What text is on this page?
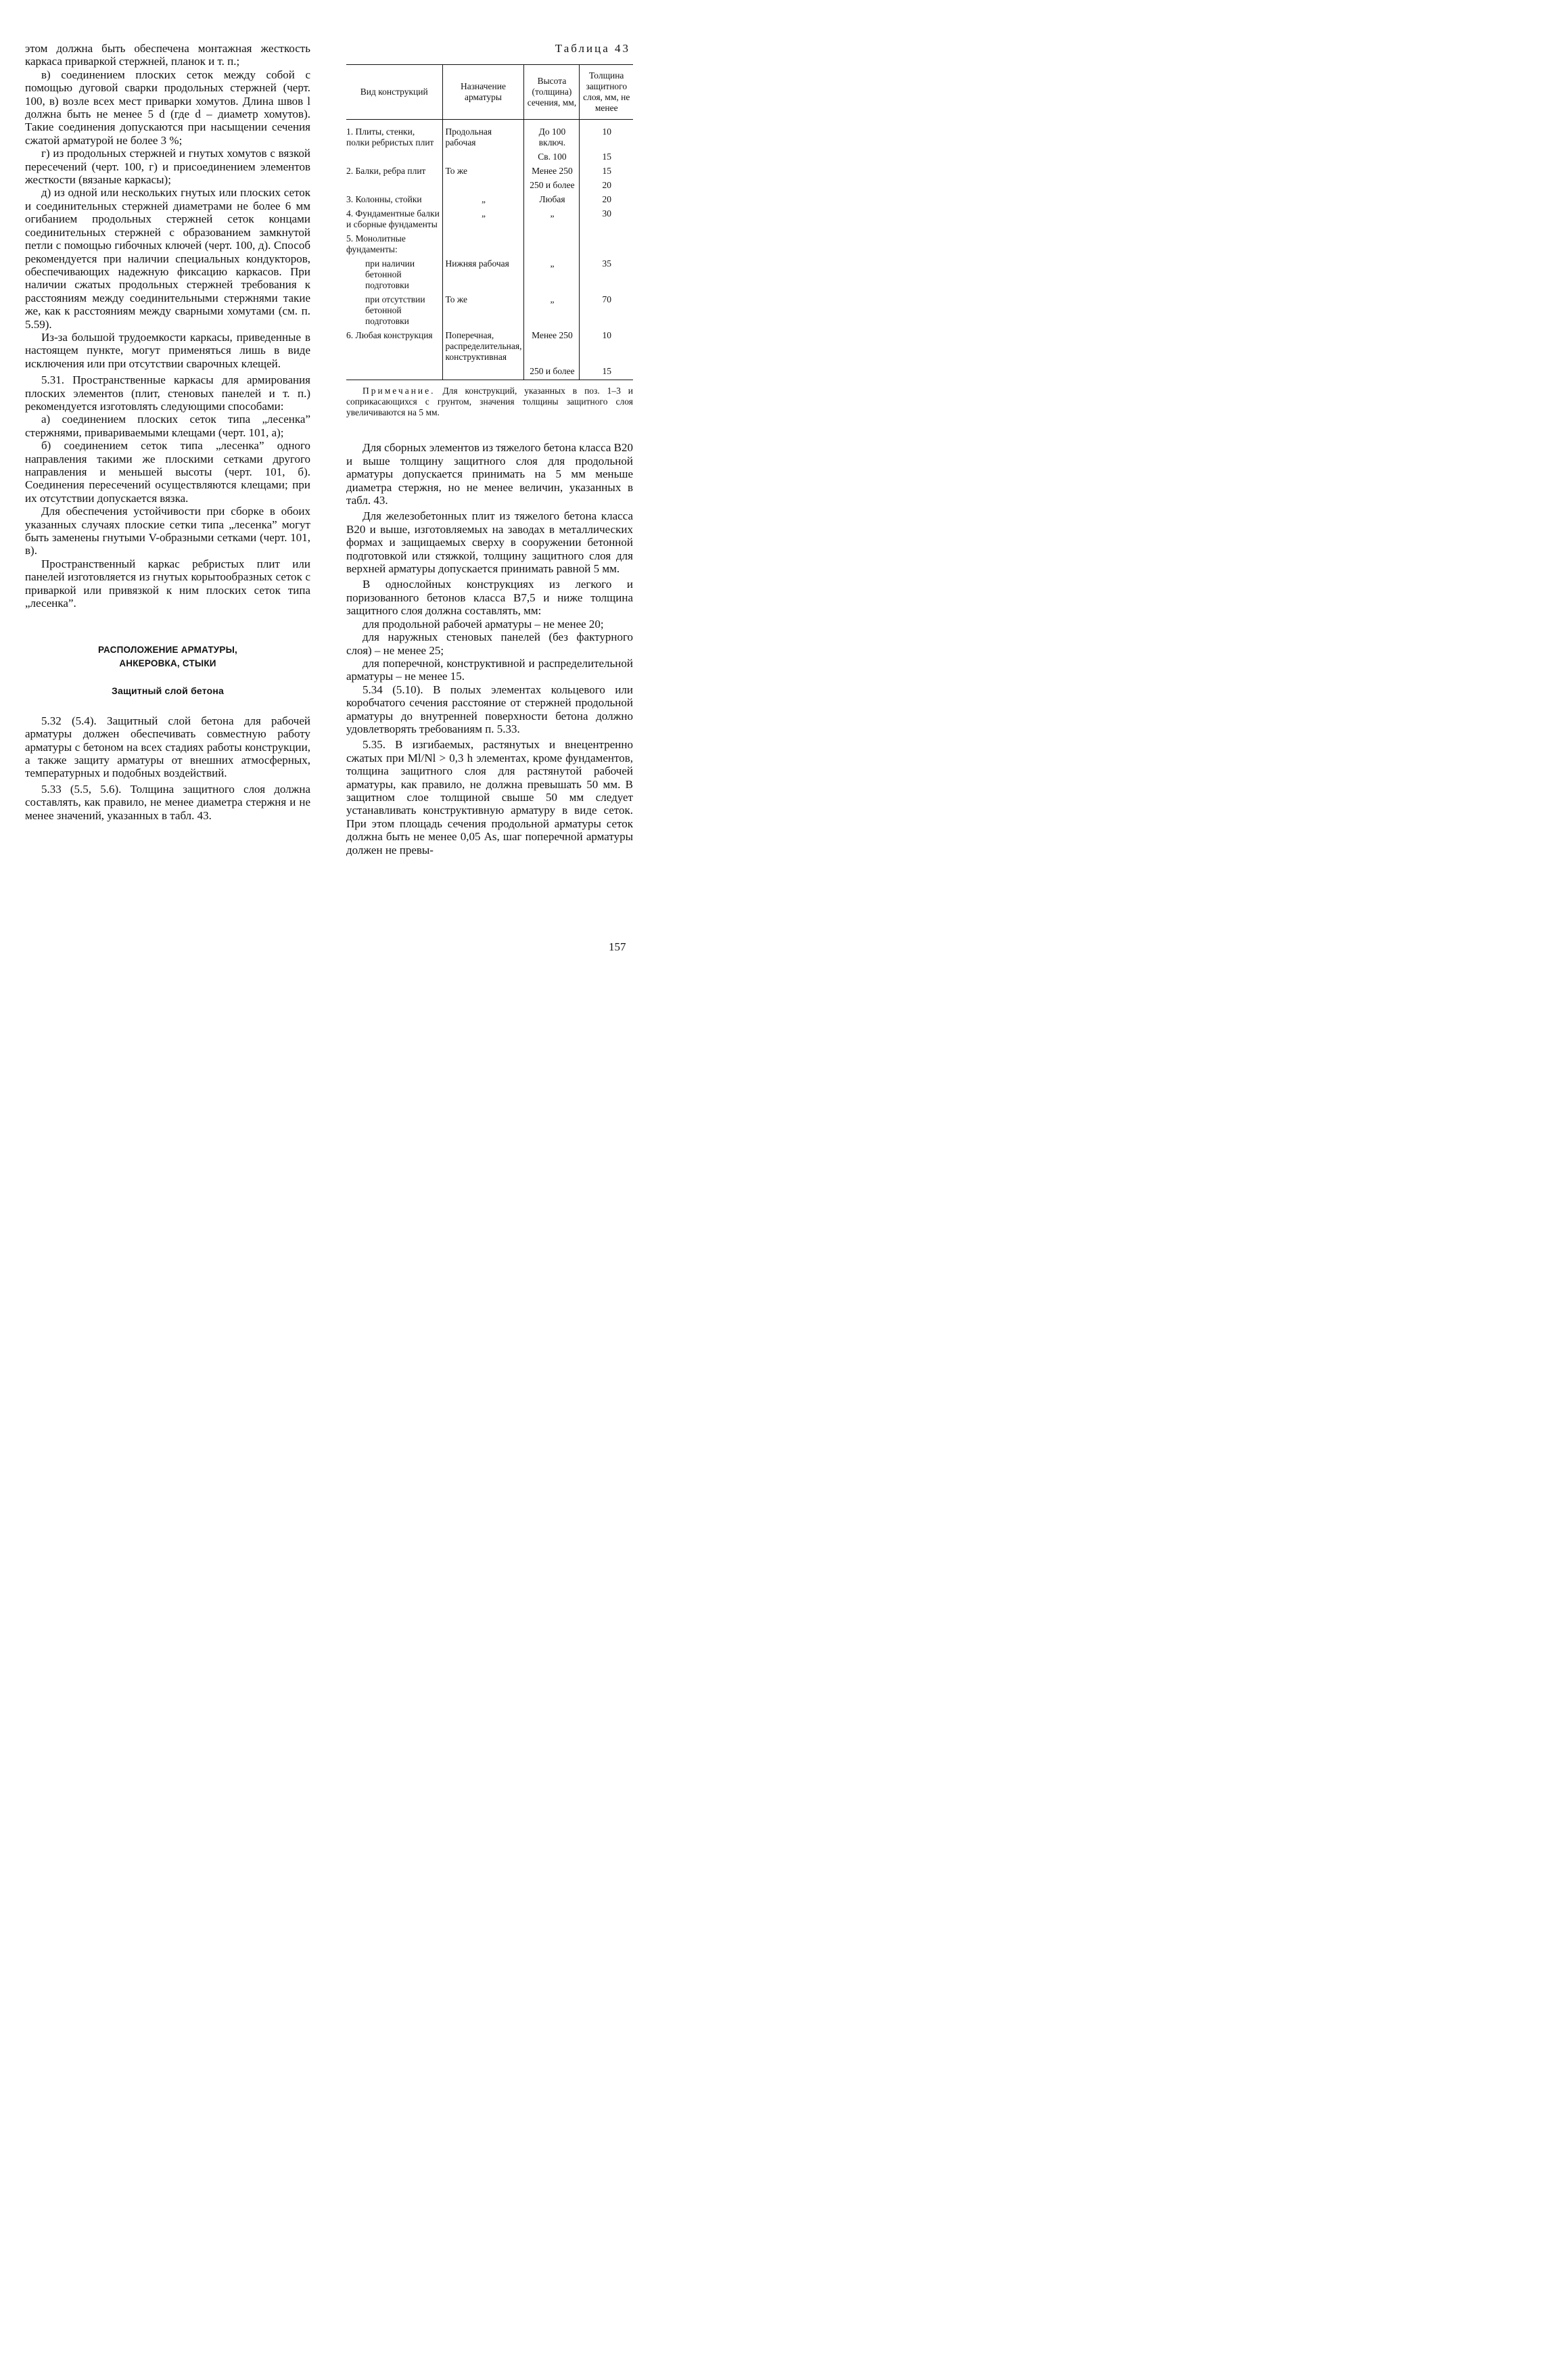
этом должна быть обеспечена монтажная жесткость каркаса приваркой стержней, планок и т. п.;

в) соединением плоских сеток между собой с помощью дуговой сварки продольных стержней (черт. 100, в) возле всех мест приварки хомутов. Длина швов l должна быть не менее 5 d (где d – диаметр хомутов). Такие соединения допускаются при насыщении сечения сжатой арматурой не более 3 %;

г) из продольных стержней и гнутых хомутов с вязкой пересечений (черт. 100, г) и присоединением элементов жесткости (вязаные каркасы);

д) из одной или нескольких гнутых или плоских сеток и соединительных стержней диаметрами не более 6 мм огибанием продольных стержней сеток концами соединительных стержней с образованием замкнутой петли с помощью гибочных ключей (черт. 100, д). Способ рекомендуется при наличии специальных кондукторов, обеспечивающих надежную фиксацию каркасов. При наличии сжатых продольных стержней требования к расстояниям между соединительными стержнями такие же, как к расстояниям между сварными хомутами (см. п. 5.59).

Из-за большой трудоемкости каркасы, приведенные в настоящем пункте, могут применяться лишь в виде исключения или при отсутствии сварочных клещей.

5.31. Пространственные каркасы для армирования плоских элементов (плит, стеновых панелей и т. п.) рекомендуется изготовлять следующими способами:

а) соединением плоских сеток типа „лесенка” стержнями, привариваемыми клещами (черт. 101, а);

б) соединением сеток типа „лесенка” одного направления такими же плоскими сетками другого направления и меньшей высоты (черт. 101, б). Соединения пересечений осуществляются клещами; при их отсутствии допускается вязка.

Для обеспечения устойчивости при сборке в обоих указанных случаях плоские сетки типа „лесенка” могут быть заменены гнутыми V-образными сетками (черт. 101, в).

Пространственный каркас ребристых плит или панелей изготовляется из гнутых корытообразных сеток с приваркой или привязкой к ним плоских сеток типа „лесенка”.

РАСПОЛОЖЕНИЕ АРМАТУРЫ,

АНКЕРОВКА, СТЫКИ

Защитный слой бетона

5.32 (5.4). Защитный слой бетона для рабочей арматуры должен обеспечивать совместную работу арматуры с бетоном на всех стадиях работы конструкции, а также защиту арматуры от внешних атмосферных, температурных и подобных воздействий.

5.33 (5.5, 5.6). Толщина защитного слоя должна составлять, как правило, не менее диаметра стержня и не менее значений, указанных в табл. 43.

Таблица 43
Вид конструкций	Назначение арматуры	Высота (толщина) сечения, мм,	Толщина защитного слоя, мм, не менее
1. Плиты, стенки, полки ребристых плит	Продольная рабочая	До 100 включ.	10
		Св. 100	15
2. Балки, ребра плит	То же	Менее 250	15
		250 и более	20
3. Колонны, стойки	„	Любая	20
4. Фундаментные балки и сборные фундаменты	„	„	30
5. Монолитные фундаменты:			
при наличии бетонной подготовки	Нижняя рабочая	„	35
при отсутствии бетонной подготовки	То же	„	70
6. Любая конструкция	Поперечная, распределительная, конструктивная	Менее 250	10
		250 и более	15
Примечание. Для конструкций, указанных в поз. 1–3 и соприкасающихся с грунтом, значения толщины защитного слоя увеличиваются на 5 мм.

Для сборных элементов из тяжелого бетона класса В20 и выше толщину защитного слоя для продольной арматуры допускается принимать на 5 мм меньше диаметра стержня, но не менее величин, указанных в табл. 43.

Для железобетонных плит из тяжелого бетона класса В20 и выше, изготовляемых на заводах в металлических формах и защищаемых сверху в сооружении бетонной подготовкой или стяжкой, толщину защитного слоя для верхней арматуры допускается принимать равной 5 мм.

В однослойных конструкциях из легкого и поризованного бетонов класса В7,5 и ниже толщина защитного слоя должна составлять, мм:

для продольной рабочей арматуры – не менее 20;

для наружных стеновых панелей (без фактурного слоя) – не менее 25;

для поперечной, конструктивной и распределительной арматуры – не менее 15.

5.34 (5.10). В полых элементах кольцевого или коробчатого сечения расстояние от стержней продольной арматуры до внутренней поверхности бетона должно удовлетворять требованиям п. 5.33.

5.35. В изгибаемых, растянутых и внецентренно сжатых при Ml/Nl > 0,3 h элементах, кроме фундаментов, толщина защитного слоя для растянутой рабочей арматуры, как правило, не должна превышать 50 мм. В защитном слое толщиной свыше 50 мм следует устанавливать конструктивную арматуру в виде сеток. При этом площадь сечения продольной арматуры сеток должна быть не менее 0,05 As, шаг поперечной арматуры должен не превы-

157
